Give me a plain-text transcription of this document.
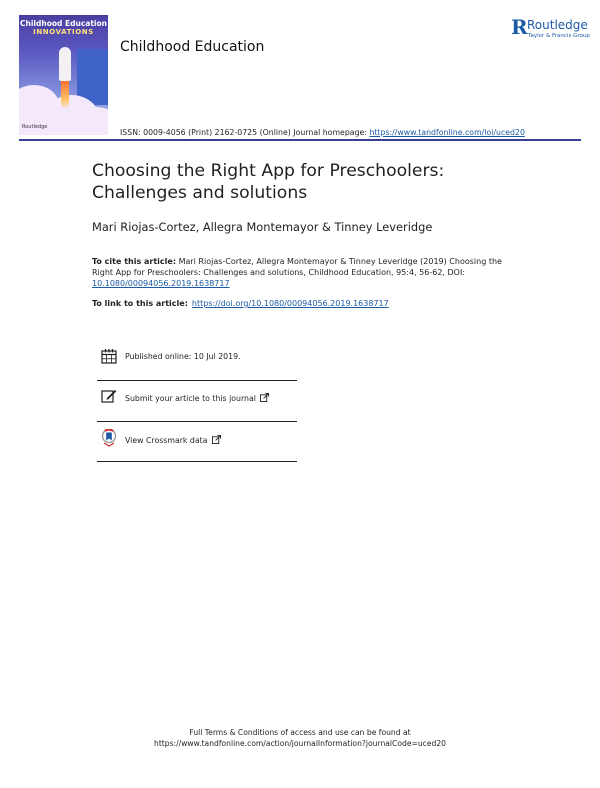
Childhood Education
INNOVATIONS
Routledge
Childhood Education
R Routledge
Taylor & Francis Group
ISSN: 0009-4056 (Print) 2162-0725 (Online) Journal homepage: https://www.tandfonline.com/loi/uced20
Choosing the Right App for Preschoolers:
Challenges and solutions
Mari Riojas-Cortez, Allegra Montemayor & Tinney Leveridge
To cite this article: Mari Riojas-Cortez, Allegra Montemayor & Tinney Leveridge (2019) Choosing the Right App for Preschoolers: Challenges and solutions, Childhood Education, 95:4, 56-62, DOI: 10.1080/00094056.2019.1638717
To link to this article: https://doi.org/10.1080/00094056.2019.1638717
Published online: 10 Jul 2019.
Submit your article to this journal
View Crossmark data
Full Terms & Conditions of access and use can be found at
https://www.tandfonline.com/action/journalInformation?journalCode=uced20
